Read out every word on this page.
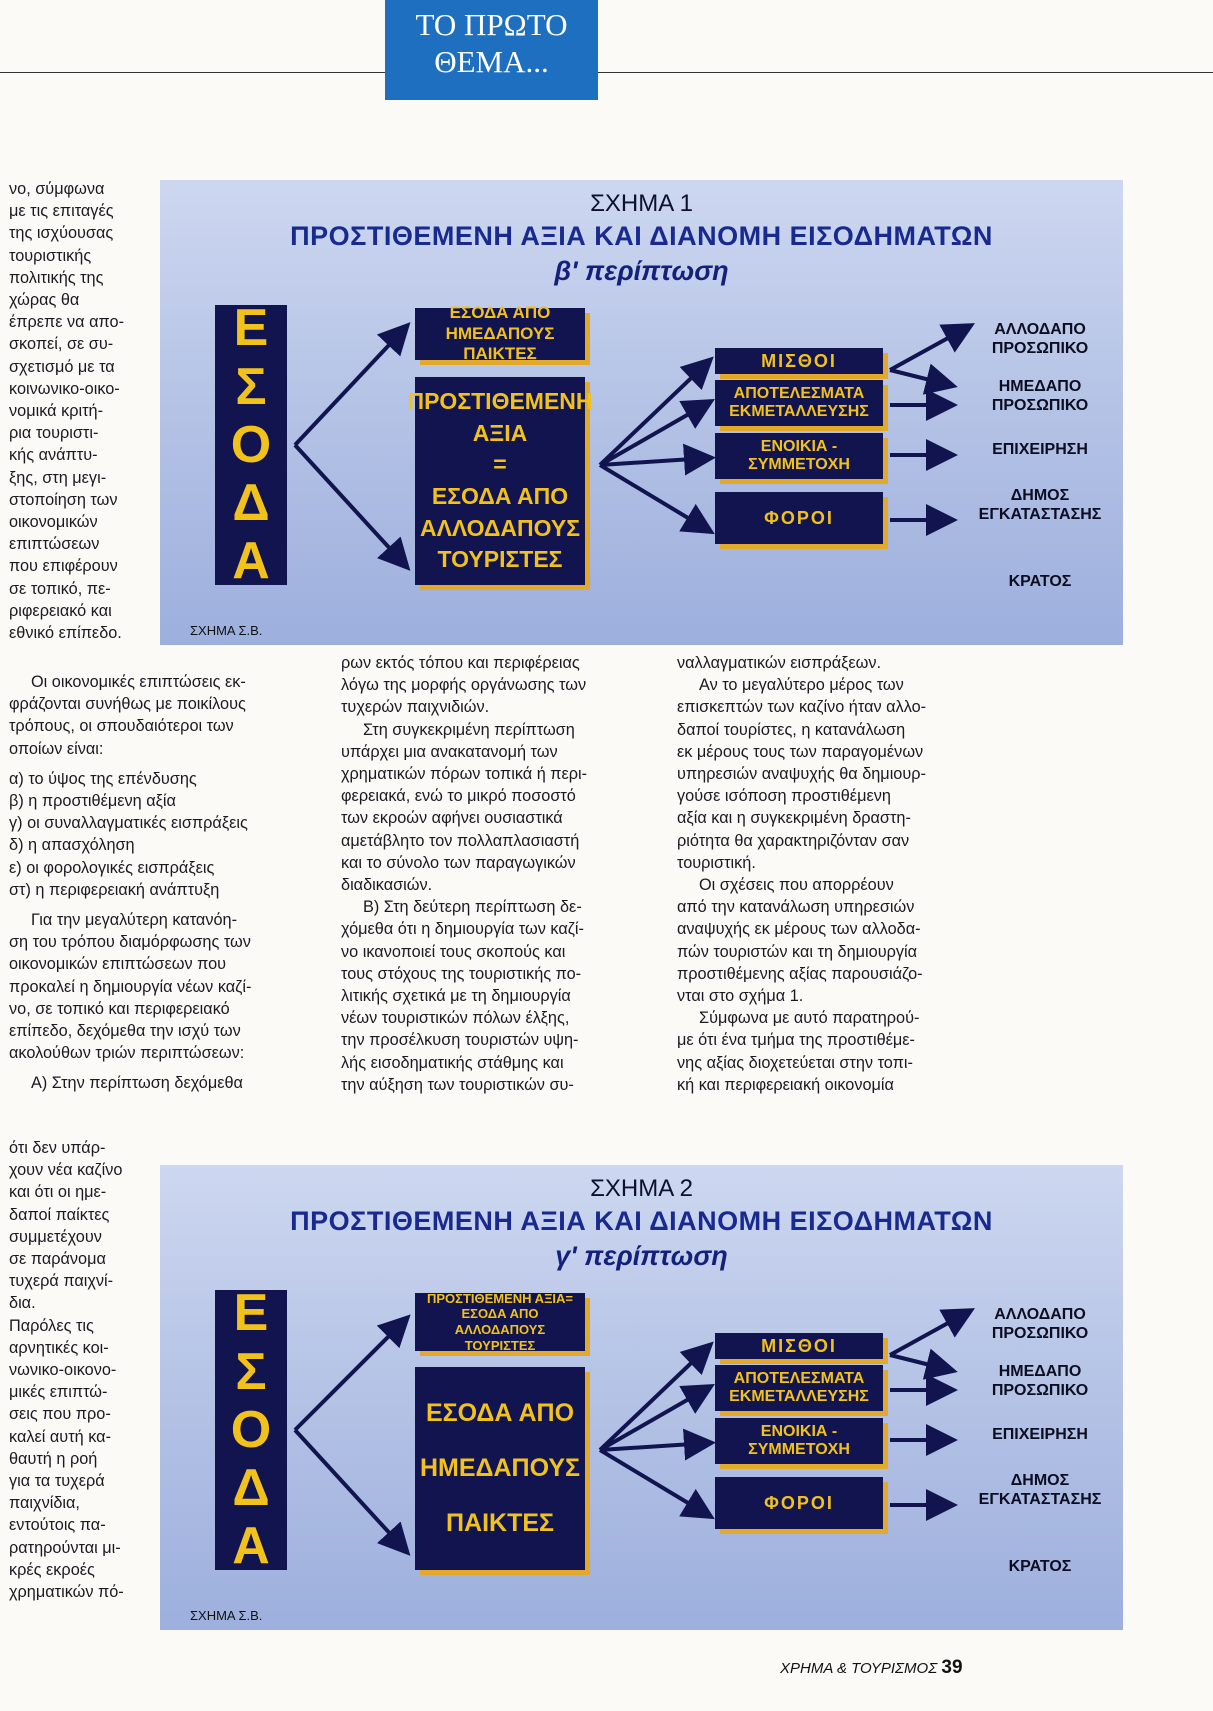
ΤΟ ΠΡΩΤΟ
ΘΕΜΑ...
ΣΧΗΜΑ 1
ΠΡΟΣΤΙΘΕΜΕΝΗ ΑΞΙΑ ΚΑΙ ΔΙΑΝΟΜΗ ΕΙΣΟΔΗΜΑΤΩΝ
β' περίπτωση
Ε
Σ
Ο
Δ
Α
ΕΣΟΔΑ ΑΠΟ
ΗΜΕΔΑΠΟΥΣ ΠΑΙΚΤΕΣ
ΠΡΟΣΤΙΘΕΜΕΝΗ
ΑΞΙΑ
=
ΕΣΟΔΑ ΑΠΟ
ΑΛΛΟΔΑΠΟΥΣ
ΤΟΥΡΙΣΤΕΣ
ΜΙΣΘΟΙ
ΑΠΟΤΕΛΕΣΜΑΤΑ
ΕΚΜΕΤΑΛΛΕΥΣΗΣ
ΕΝΟΙΚΙΑ -
ΣΥΜΜΕΤΟΧΗ
ΦΟΡΟΙ
ΑΛΛΟΔΑΠΟ
ΠΡΟΣΩΠΙΚΟ
ΗΜΕΔΑΠΟ
ΠΡΟΣΩΠΙΚΟ
ΕΠΙΧΕΙΡΗΣΗ
ΔΗΜΟΣ
ΕΓΚΑΤΑΣΤΑΣΗΣ
ΚΡΑΤΟΣ
ΣΧΗΜΑ Σ.Β.
ΣΧΗΜΑ 2
ΠΡΟΣΤΙΘΕΜΕΝΗ ΑΞΙΑ ΚΑΙ ΔΙΑΝΟΜΗ ΕΙΣΟΔΗΜΑΤΩΝ
γ' περίπτωση
Ε
Σ
Ο
Δ
Α
ΠΡΟΣΤΙΘΕΜΕΝΗ ΑΞΙΑ=
ΕΣΟΔΑ ΑΠΟ ΑΛΛΟΔΑΠΟΥΣ
ΤΟΥΡΙΣΤΕΣ
ΕΣΟΔΑ ΑΠΟ
ΗΜΕΔΑΠΟΥΣ
ΠΑΙΚΤΕΣ
ΜΙΣΘΟΙ
ΑΠΟΤΕΛΕΣΜΑΤΑ
ΕΚΜΕΤΑΛΛΕΥΣΗΣ
ΕΝΟΙΚΙΑ -
ΣΥΜΜΕΤΟΧΗ
ΦΟΡΟΙ
ΑΛΛΟΔΑΠΟ
ΠΡΟΣΩΠΙΚΟ
ΗΜΕΔΑΠΟ
ΠΡΟΣΩΠΙΚΟ
ΕΠΙΧΕΙΡΗΣΗ
ΔΗΜΟΣ
ΕΓΚΑΤΑΣΤΑΣΗΣ
ΚΡΑΤΟΣ
ΣΧΗΜΑ Σ.Β.

νο, σύμφωνα

με τις επιταγές

της ισχύουσας

τουριστικής

πολιτικής της

χώρας θα

έπρεπε να απο-

σκοπεί, σε συ-

σχετισμό με τα

κοινωνικο-οικο-

νομικά κριτή-

ρια τουριστι-

κής ανάπτυ-

ξης, στη μεγι-

στοποίηση των

οικονομικών

επιπτώσεων

που επιφέρουν

σε τοπικό, πε-

ριφερειακό και

εθνικό επίπεδο.

Οι οικονομικές επιπτώσεις εκ-

φράζονται συνήθως με ποικίλους

τρόπους, οι σπουδαιότεροι των

οποίων είναι:

α) το ύψος της επένδυσης

β) η προστιθέμενη αξία

γ) οι συναλλαγματικές εισπράξεις

δ) η απασχόληση

ε) οι φορολογικές εισπράξεις

στ) η περιφερειακή ανάπτυξη

Για την μεγαλύτερη κατανόη-

ση του τρόπου διαμόρφωσης των

οικονομικών επιπτώσεων που

προκαλεί η δημιουργία νέων καζί-

νο, σε τοπικό και περιφερειακό

επίπεδο, δεχόμεθα την ισχύ των

ακολούθων τριών περιπτώσεων:

Α) Στην περίπτωση δεχόμεθα

ότι δεν υπάρ-

χουν νέα καζίνο

και ότι οι ημε-

δαποί παίκτες

συμμετέχουν

σε παράνομα

τυχερά παιχνί-

δια.

Παρόλες τις

αρνητικές κοι-

νωνικο-οικονο-

μικές επιπτώ-

σεις που προ-

καλεί αυτή κα-

θαυτή η ροή

για τα τυχερά

παιχνίδια,

εντούτοις πα-

ρατηρούνται μι-

κρές εκροές

χρηματικών πό-

ρων εκτός τόπου και περιφέρειας

λόγω της μορφής οργάνωσης των

τυχερών παιχνιδιών.

Στη συγκεκριμένη περίπτωση

υπάρχει μια ανακατανομή των

χρηματικών πόρων τοπικά ή περι-

φερειακά, ενώ το μικρό ποσοστό

των εκροών αφήνει ουσιαστικά

αμετάβλητο τον πολλαπλασιαστή

και το σύνολο των παραγωγικών

διαδικασιών.

Β) Στη δεύτερη περίπτωση δε-

χόμεθα ότι η δημιουργία των καζί-

νο ικανοποιεί τους σκοπούς και

τους στόχους της τουριστικής πο-

λιτικής σχετικά με τη δημιουργία

νέων τουριστικών πόλων έλξης,

την προσέλκυση τουριστών υψη-

λής εισοδηματικής στάθμης και

την αύξηση των τουριστικών συ-

ναλλαγματικών εισπράξεων.

Αν το μεγαλύτερο μέρος των

επισκεπτών των καζίνο ήταν αλλο-

δαποί τουρίστες, η κατανάλωση

εκ μέρους τους των παραγομένων

υπηρεσιών αναψυχής θα δημιουρ-

γούσε ισόποση προστιθέμενη

αξία και η συγκεκριμένη δραστη-

ριότητα θα χαρακτηριζόνταν σαν

τουριστική.

Οι σχέσεις που απορρέουν

από την κατανάλωση υπηρεσιών

αναψυχής εκ μέρους των αλλοδα-

πών τουριστών και τη δημιουργία

προστιθέμενης αξίας παρουσιάζο-

νται στο σχήμα 1.

Σύμφωνα με αυτό παρατηρού-

με ότι ένα τμήμα της προστιθέμε-

νης αξίας διοχετεύεται στην τοπι-

κή και περιφερειακή οικονομία

ΧΡΗΜΑ & ΤΟΥΡΙΣΜΟΣ 39
